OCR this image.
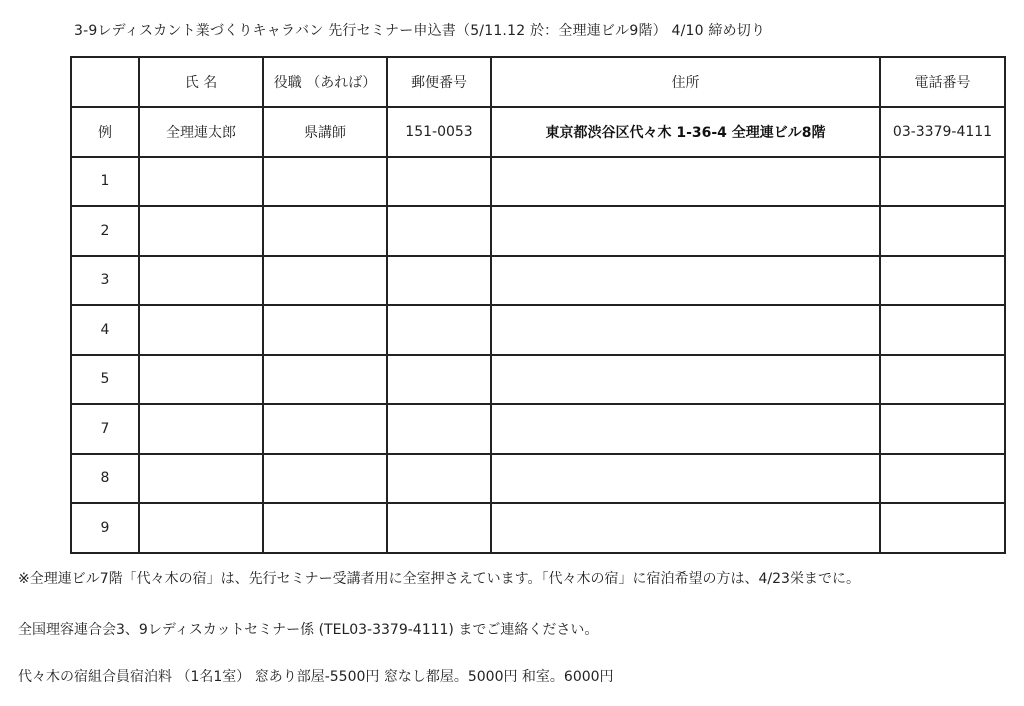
3-9レディスカント業づくりキャラバン 先行セミナー申込書（5/11.12 於：全理連ビル9階） 4/10 締め切り
	氏 名	役職 （あれば）	郵便番号	住所	電話番号
例	全理連太郎	県講師	151-0053	東京都渋谷区代々木 1-36-4 全理連ビル8階	03-3379-4111
1					
2					
3					
4					
5					
7					
8					
9					
※全理連ビル7階「代々木の宿」は、先行セミナー受講者用に全室押さえています。「代々木の宿」に宿泊希望の方は、4/23栄までに。
全国理容連合会3、9レディスカットセミナー係 (TEL03-3379-4111) までご連絡ください。
代々木の宿組合員宿泊料 （1名1室） 窓あり部屋-5500円 窓なし都屋。5000円 和室。6000円
